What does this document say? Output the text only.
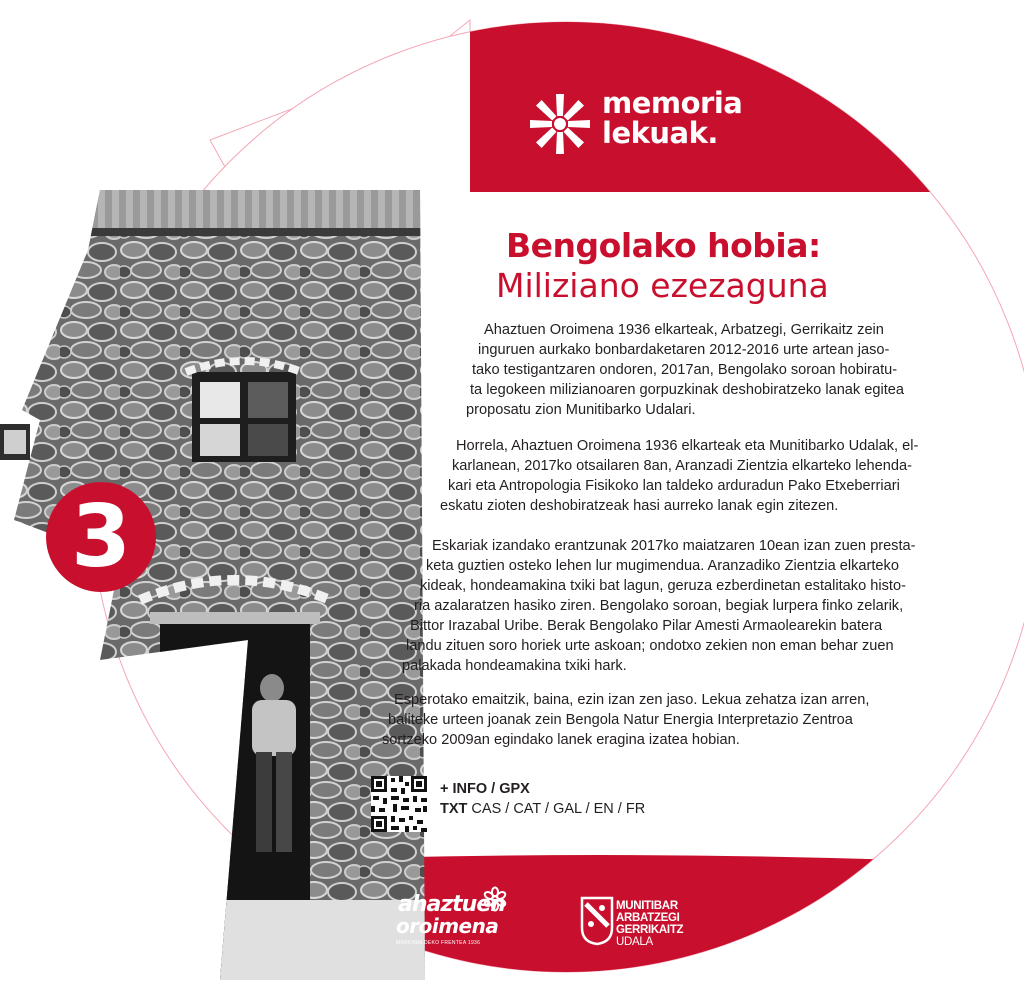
memoria
lekuak.
Bengolako hobia:
Miliziano ezezaguna
Ahaztuen Oroimena 1936 elkarteak, Arbatzegi, Gerrikaitz zein
inguruen aurkako bonbardaketaren 2012-2016 urte artean jaso-
tako testigantzaren ondoren, 2017an, Bengolako soroan hobiratu-
ta legokeen milizianoaren gorpuzkinak deshobiratzeko lanak egitea
proposatu zion Munitibarko Udalari.
Horrela, Ahaztuen Oroimena 1936 elkarteak eta Munitibarko Udalak, el-
karlanean, 2017ko otsailaren 8an, Aranzadi Zientzia elkarteko lehenda-
kari eta Antropologia Fisikoko lan taldeko arduradun Pako Etxeberriari
eskatu zioten deshobiratzeak hasi aurreko lanak egin zitezen.
Eskariak izandako erantzunak 2017ko maiatzaren 10ean izan zuen presta-
keta guztien osteko lehen lur mugimendua. Aranzadiko Zientzia elkarteko
kideak, hondeamakina txiki bat lagun, geruza ezberdinetan estalitako histo-
ria azalaratzen hasiko ziren. Bengolako soroan, begiak lurpera finko zelarik,
Bittor Irazabal Uribe. Berak Bengolako Pilar Amesti Armaolearekin batera
landu zituen soro horiek urte askoan; ondotxo zekien non eman behar zuen
palakada hondeamakina txiki hark.
Esperotako emaitzik, baina, ezin izan zen jaso. Lekua zehatza izan arren,
baliteke urteen joanak zein Bengola Natur Energia Interpretazio Zentroa
sortzeko 2009an egindako lanek eragina izatea hobian.
+ INFO / GPX
TXT CAS / CAT / GAL / EN / FR
3
ahaztuen
oroimena
MARKINALDEKO FRENTEA 1936
MUNITIBAR
ARBATZEGI
GERRIKAITZ
UDALA
